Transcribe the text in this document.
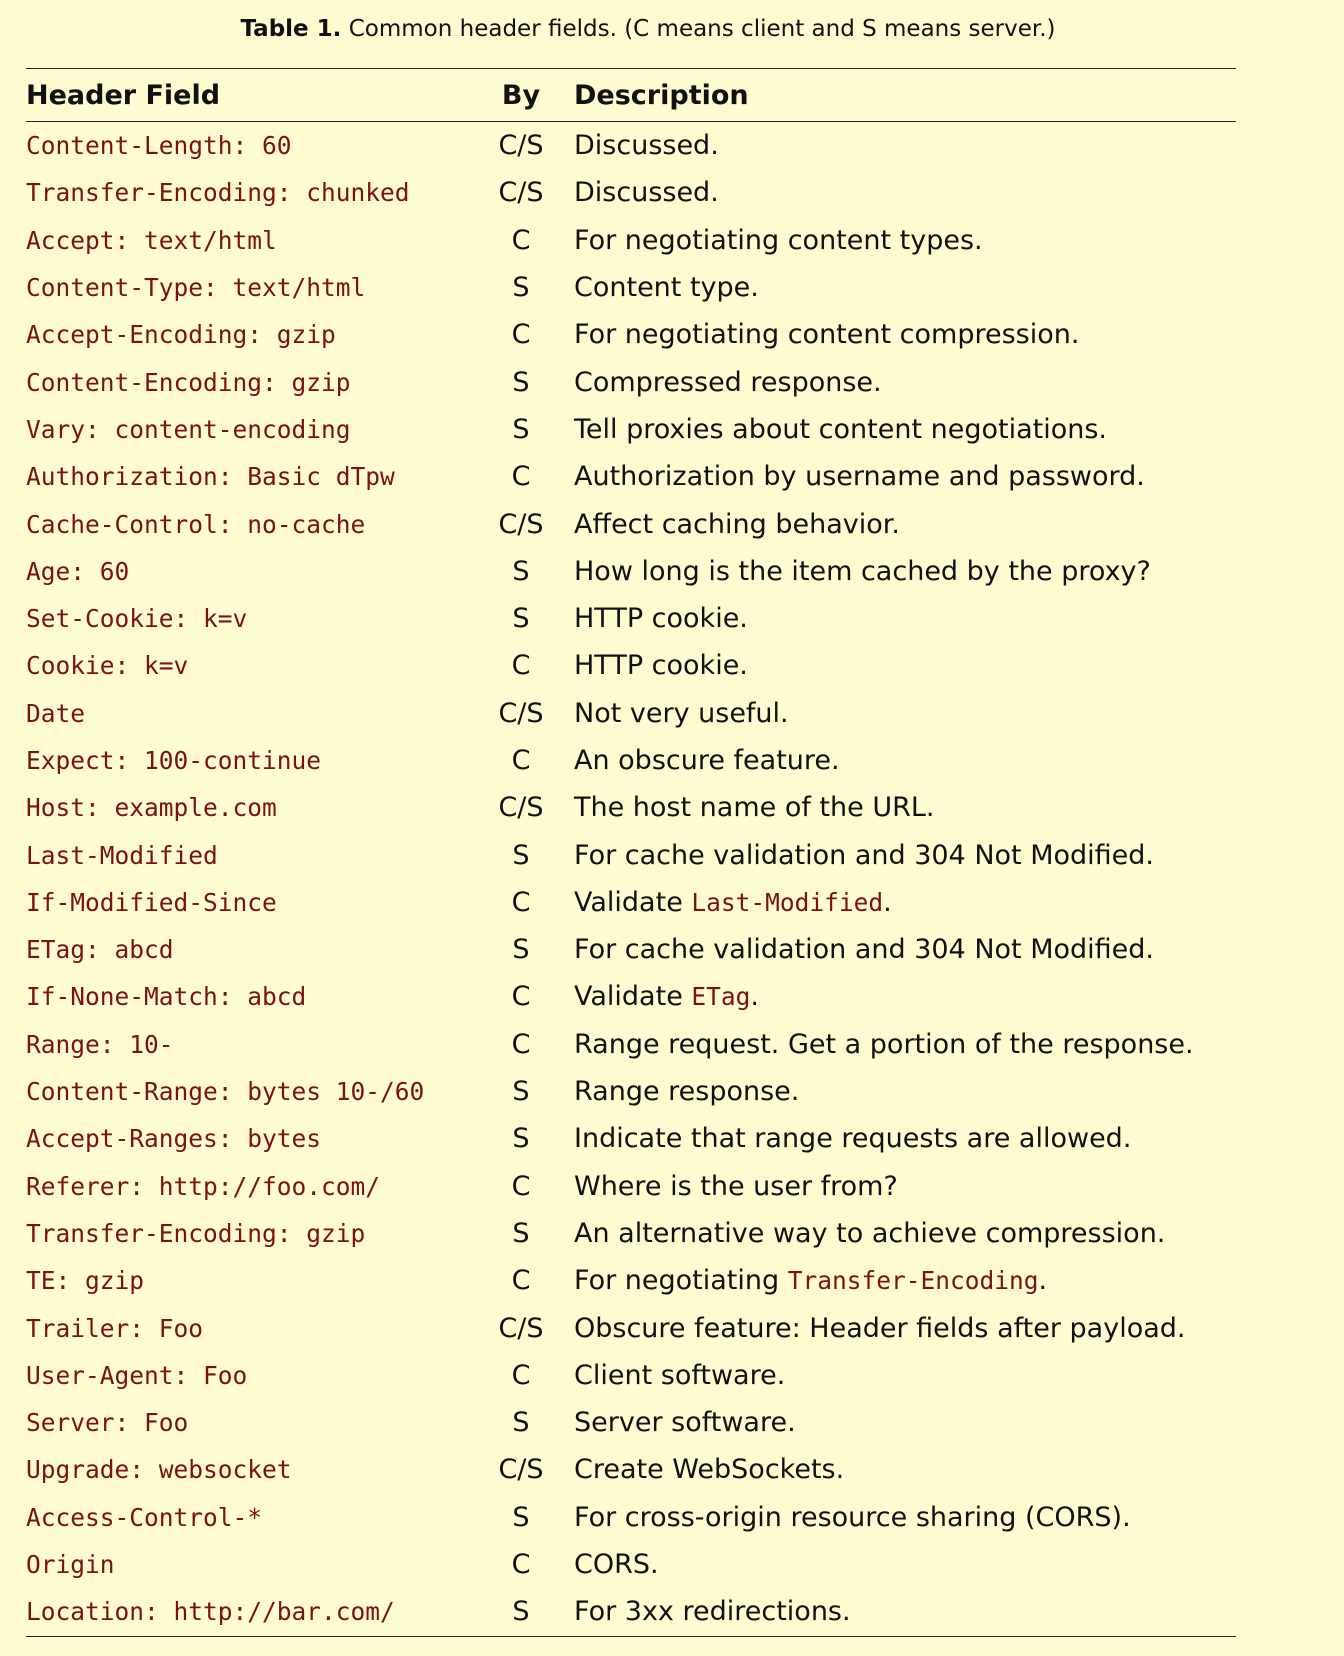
Table 1. Common header fields. (C means client and S means server.)
Header Field	By	Description
Content-Length: 60	C/S	Discussed.
Transfer-Encoding: chunked	C/S	Discussed.
Accept: text/html	C	For negotiating content types.
Content-Type: text/html	S	Content type.
Accept-Encoding: gzip	C	For negotiating content compression.
Content-Encoding: gzip	S	Compressed response.
Vary: content-encoding	S	Tell proxies about content negotiations.
Authorization: Basic dTpw	C	Authorization by username and password.
Cache-Control: no-cache	C/S	Affect caching behavior.
Age: 60	S	How long is the item cached by the proxy?
Set-Cookie: k=v	S	HTTP cookie.
Cookie: k=v	C	HTTP cookie.
Date	C/S	Not very useful.
Expect: 100-continue	C	An obscure feature.
Host: example.com	C/S	The host name of the URL.
Last-Modified	S	For cache validation and 304 Not Modified.
If-Modified-Since	C	Validate Last-Modified.
ETag: abcd	S	For cache validation and 304 Not Modified.
If-None-Match: abcd	C	Validate ETag.
Range: 10-	C	Range request. Get a portion of the response.
Content-Range: bytes 10-/60	S	Range response.
Accept-Ranges: bytes	S	Indicate that range requests are allowed.
Referer: http://foo.com/	C	Where is the user from?
Transfer-Encoding: gzip	S	An alternative way to achieve compression.
TE: gzip	C	For negotiating Transfer-Encoding.
Trailer: Foo	C/S	Obscure feature: Header fields after payload.
User-Agent: Foo	C	Client software.
Server: Foo	S	Server software.
Upgrade: websocket	C/S	Create WebSockets.
Access-Control-*	S	For cross-origin resource sharing (CORS).
Origin	C	CORS.
Location: http://bar.com/	S	For 3xx redirections.
